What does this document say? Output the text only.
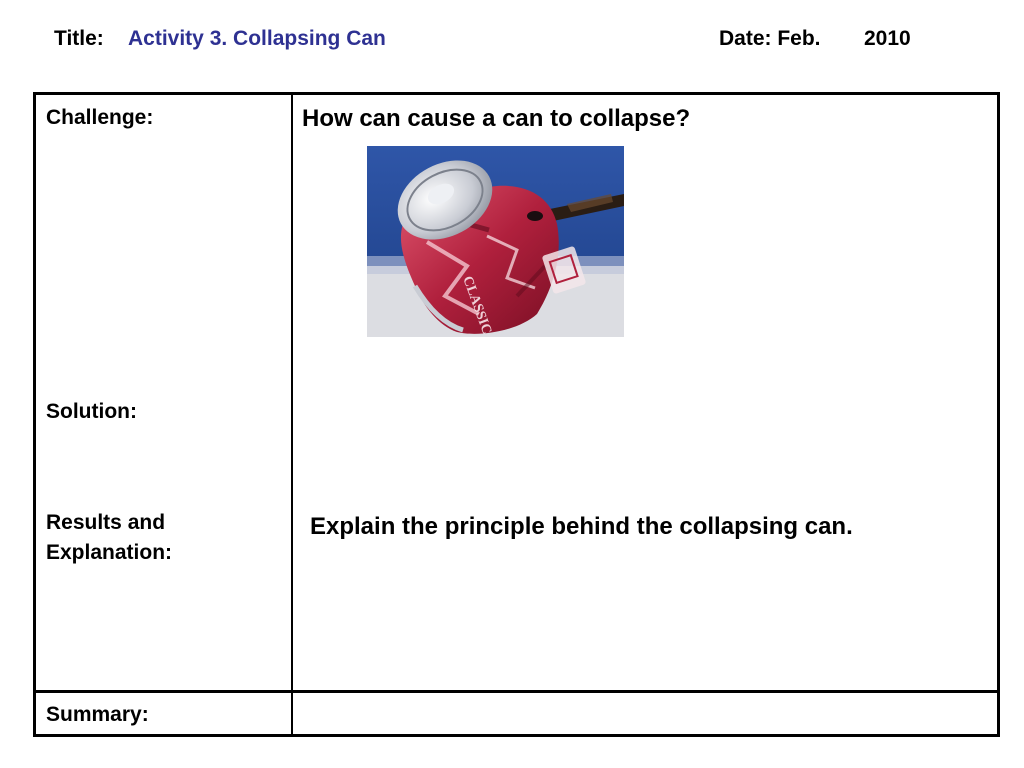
Title: Activity 3. Collapsing Can	Date: Feb. 2010
Challenge:
Solution:
Results and
Explanation:
Summary:
How can cause a can to collapse?
Explain the principle behind the collapsing can.
CLASSIC
